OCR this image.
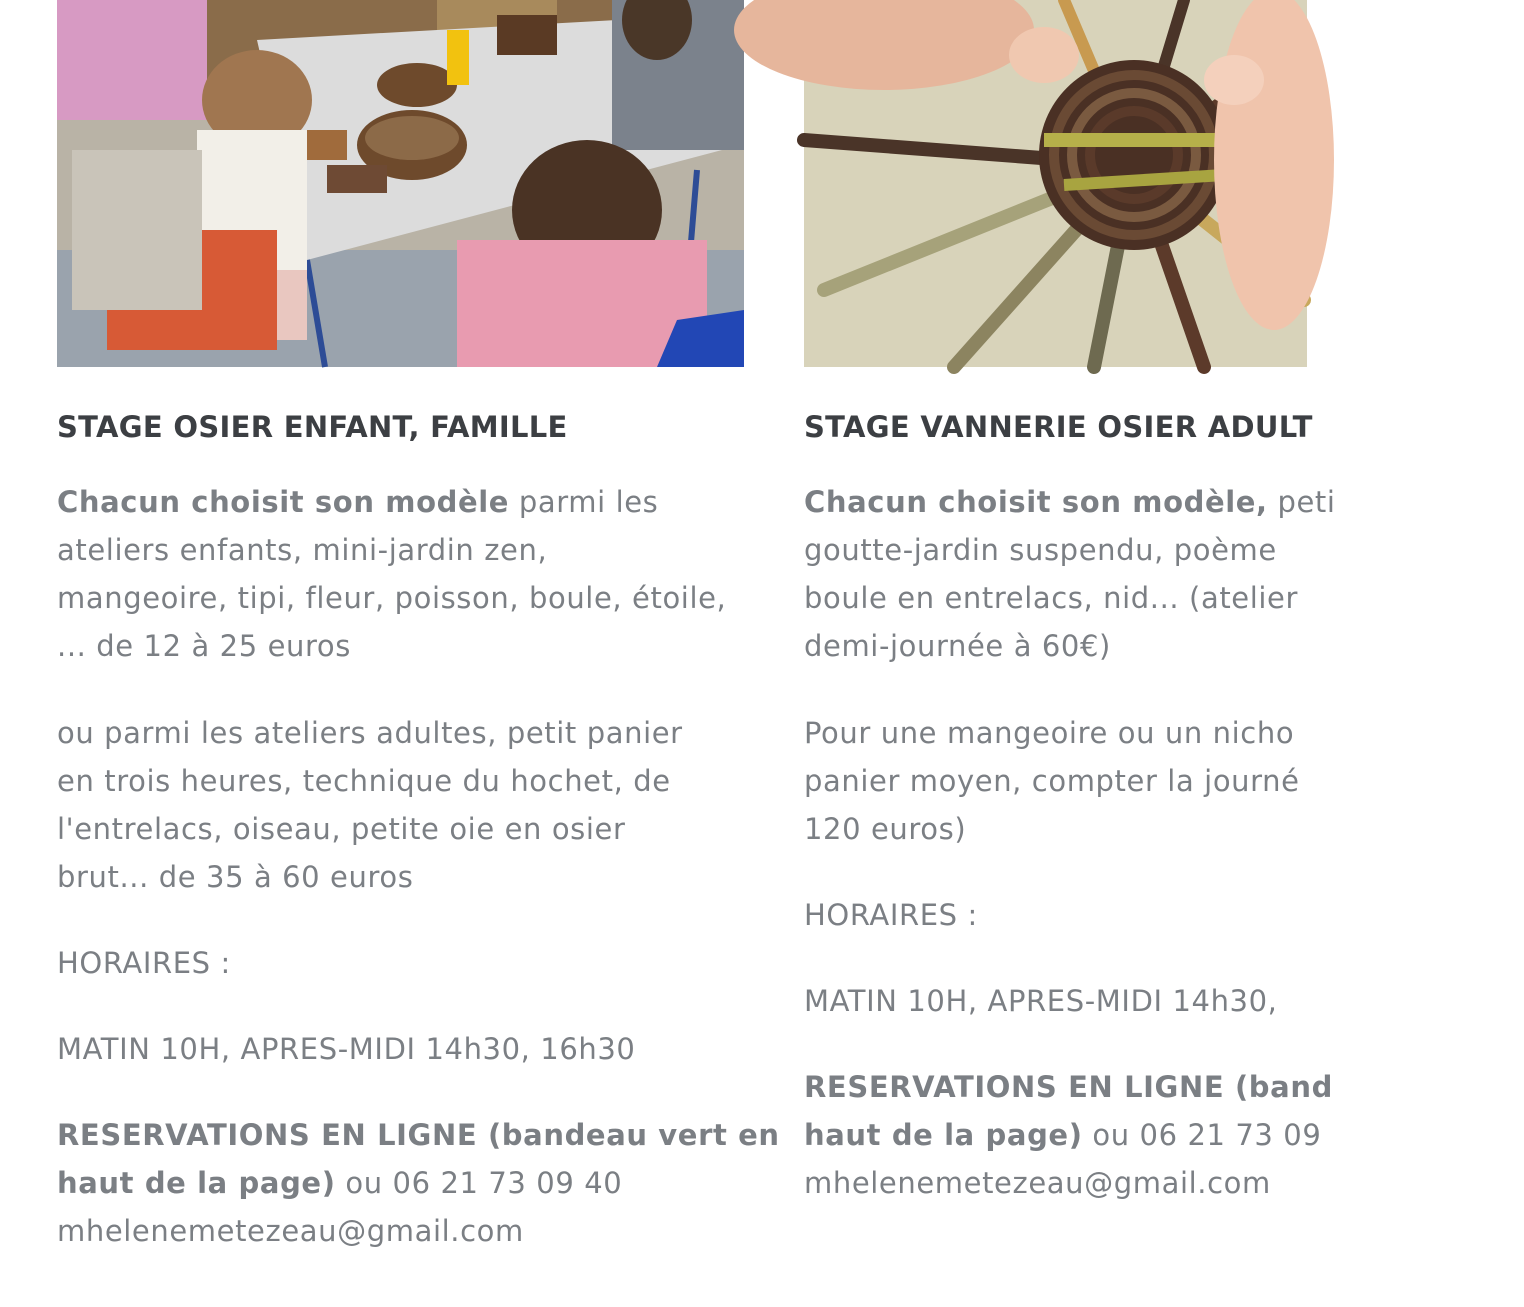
STAGE OSIER ENFANT, FAMILLE

Chacun choisit son modèle parmi les

ateliers enfants, mini-jardin zen,

mangeoire, tipi, fleur, poisson, boule, étoile,

... de 12 à 25 euros

ou parmi les ateliers adultes, petit panier

en trois heures, technique du hochet, de

l'entrelacs, oiseau, petite oie en osier

brut... de 35 à 60 euros

HORAIRES :

MATIN 10H, APRES-MIDI 14h30, 16h30

RESERVATIONS EN LIGNE (bandeau vert en

haut de la page) ou 06 21 73 09 40

mhelenemetezeau@gmail.com

STAGE VANNERIE OSIER ADULT

Chacun choisit son modèle, peti

goutte-jardin suspendu, poème

boule en entrelacs, nid... (atelier

demi-journée à 60€)

Pour une mangeoire ou un nicho

panier moyen, compter la journé

120 euros)

HORAIRES :

MATIN 10H, APRES-MIDI 14h30,

RESERVATIONS EN LIGNE (band

haut de la page) ou 06 21 73 09

mhelenemetezeau@gmail.com
